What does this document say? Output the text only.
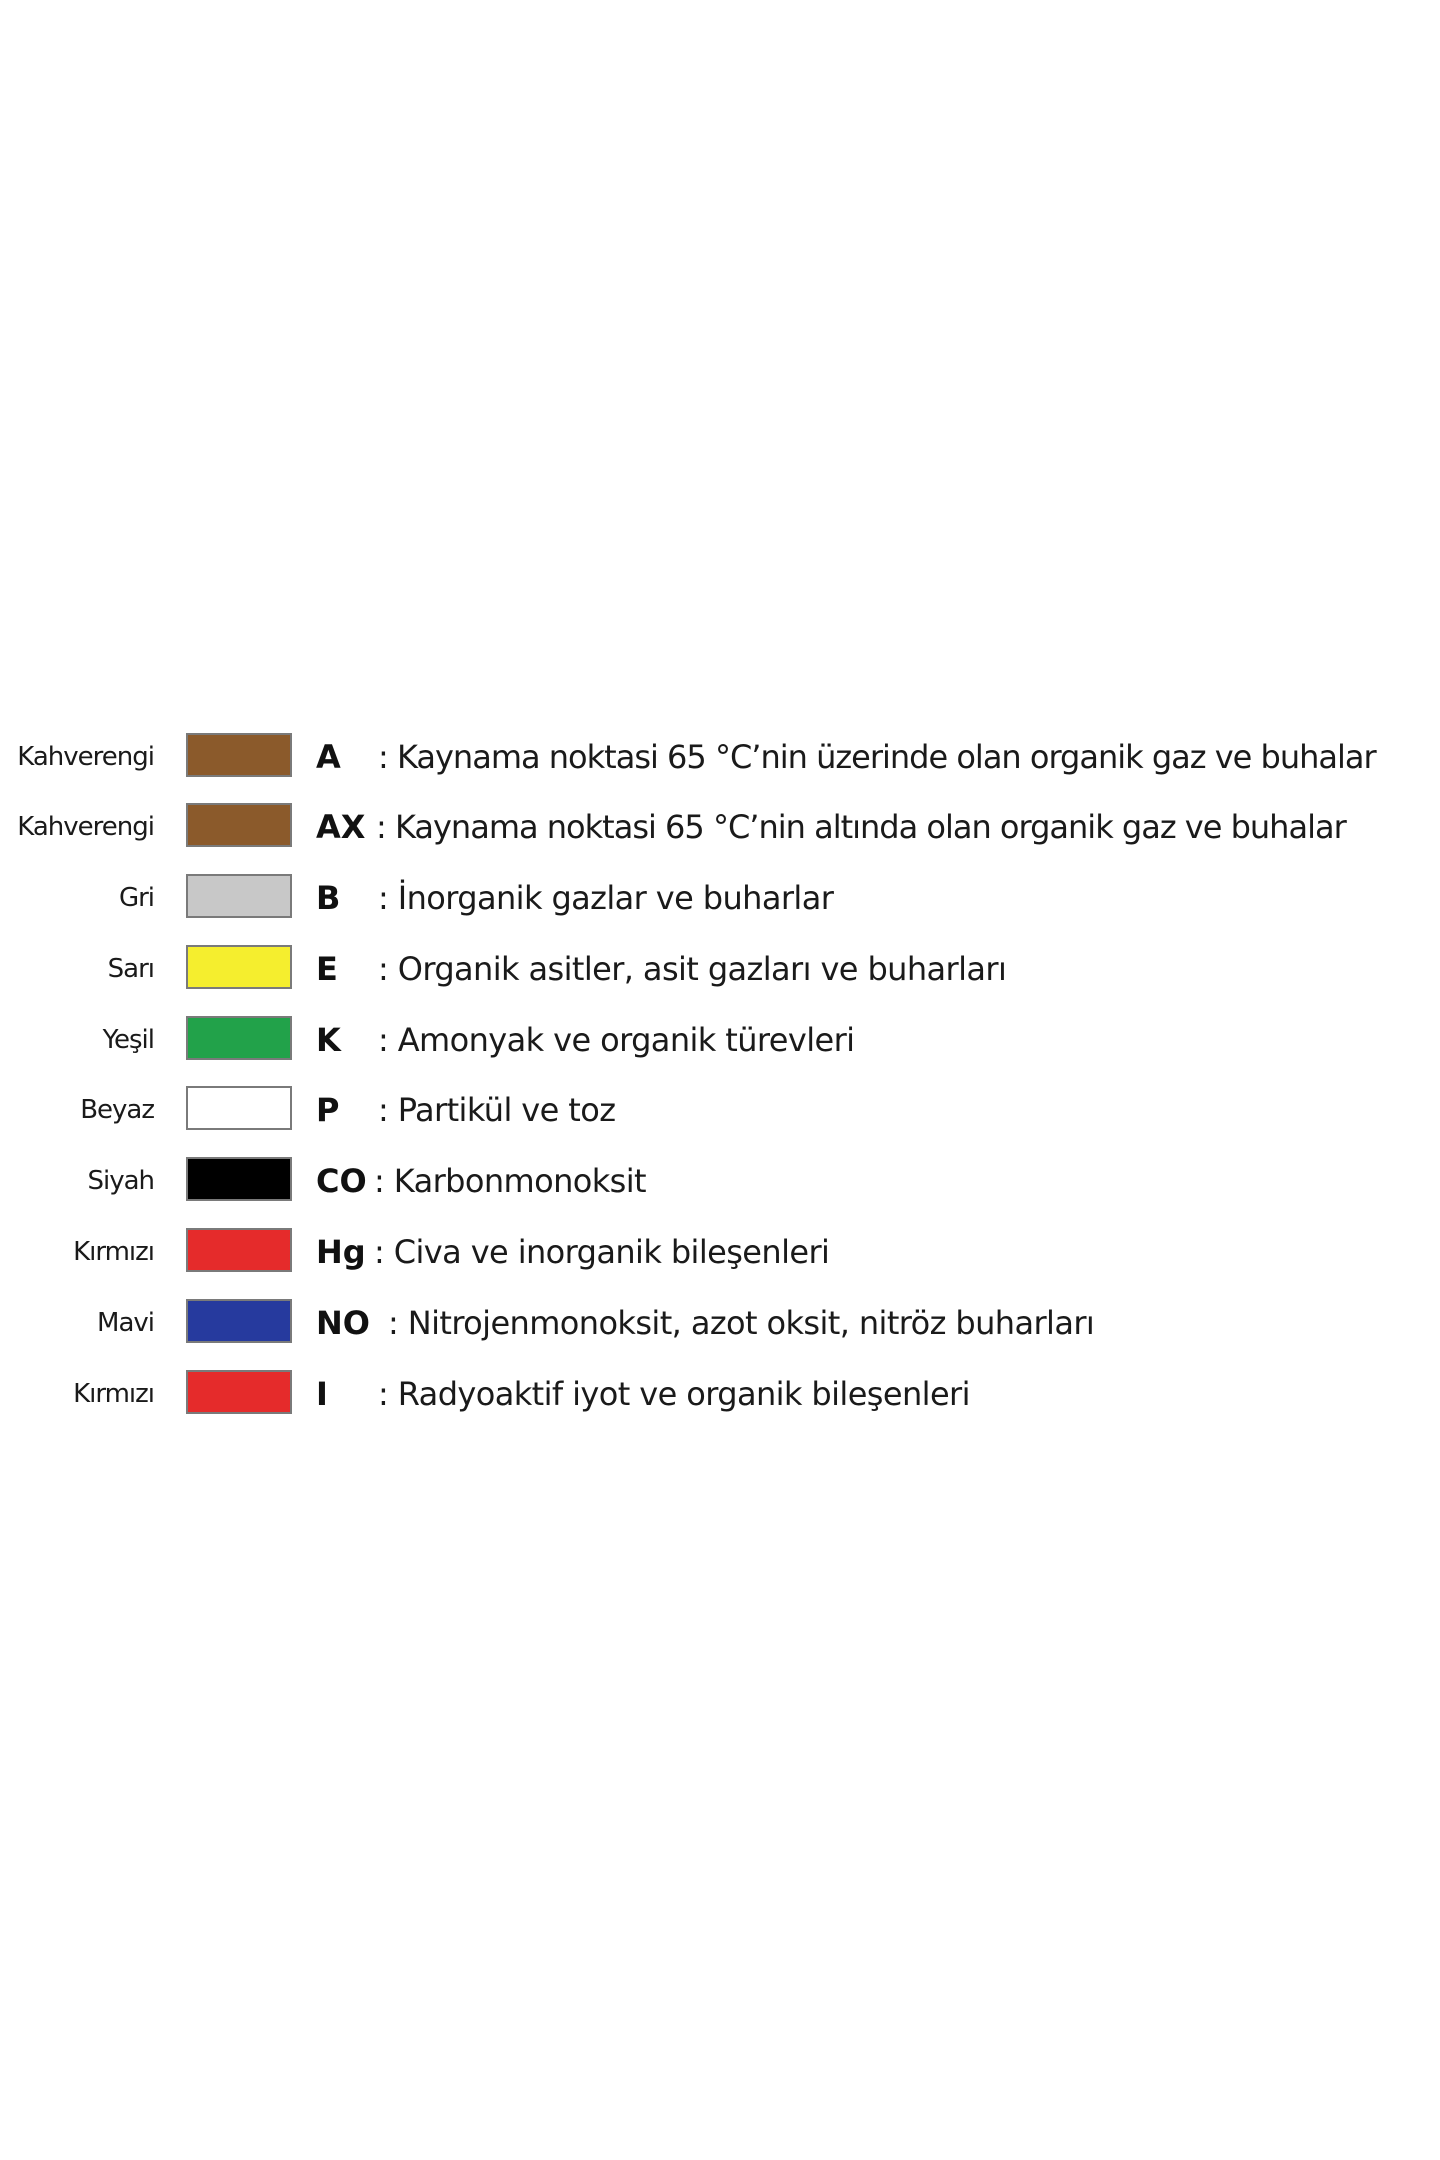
Kahverengi	A : Kaynama noktasi 65 °C’nin üzerinde olan organik gaz ve buhalar
Kahverengi	AX : Kaynama noktasi 65 °C’nin altında olan organik gaz ve buhalar
Gri	B : İnorganik gazlar ve buharlar
Sarı	E : Organik asitler, asit gazları ve buharları
Yeşil	K : Amonyak ve organik türevleri
Beyaz	P : Partikül ve toz
Siyah	CO : Karbonmonoksit
Kırmızı	Hg : Civa ve inorganik bileşenleri
Mavi	NO : Nitrojenmonoksit, azot oksit, nitröz buharları
Kırmızı	I : Radyoaktif iyot ve organik bileşenleri
